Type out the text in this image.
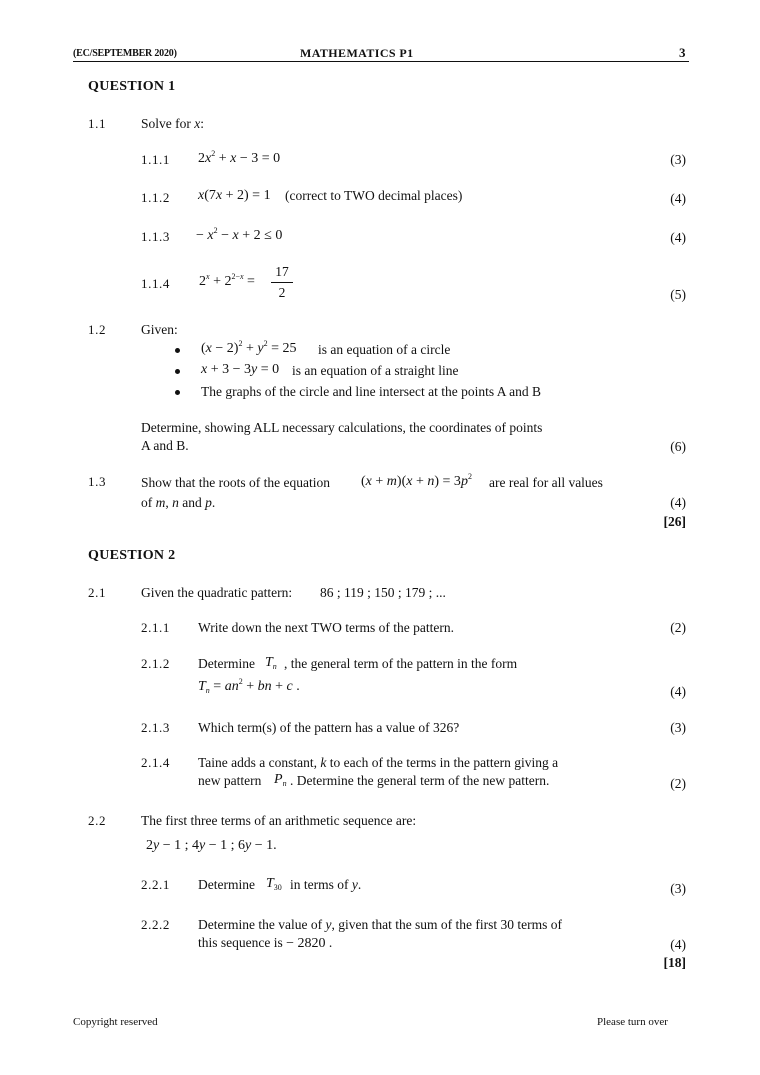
(EC/SEPTEMBER 2020)	MATHEMATICS P1	3
QUESTION 1
1.1	Solve for x:
1.1.1 $2x^2 + x - 3 = 0$	(3)
1.1.2 x(7x + 2) = 1 (correct to TWO decimal places)	(4)
$1.1.3 - x^2 - x + 2 \le 0$	(4)
1.1.4 $2^x + 2^{2-x}$ =
17
2	(5)
1.2	Given:
$(x - 2)^2 + y^2 = 25$ is an equation of a circle
x + 3 − 3y = 0 is an equation of a straight line
The graphs of the circle and line intersect at the points A and B
Determine, showing ALL necessary calculations, the coordinates of points
A and B.	(6)
1.3	Show that the roots of the equation $(x + m)(x + n) = 3p^2$ are real for all values
of m, n and p.	(4)
[26]
QUESTION 2
2.1	Given the quadratic pattern: 86 ; 119 ; 150 ; 179 ; ...
2.1.1 Write down the next TWO terms of the pattern.	(2)
2.1.2 Determine $T_n$ , the general term of the pattern in the form
$T_n = an^2$ + bn + c .	(4)
2.1.3 Which term(s) of the pattern has a value of 326?	(3)
2.1.4 Taine adds a constant, k to each of the terms in the pattern giving a
new pattern $P_n$ . Determine the general term of the new pattern.	(2)
2.2	The first three terms of an arithmetic sequence are:
2y − 1 ; 4y − 1 ; 6y − 1.
2.2.1 Determine $T_{30}$ in terms of y.	(3)
2.2.2 Determine the value of y, given that the sum of the first 30 terms of
this sequence is − 2820 .	(4)
[18]
Copyright reserved	Please turn over
